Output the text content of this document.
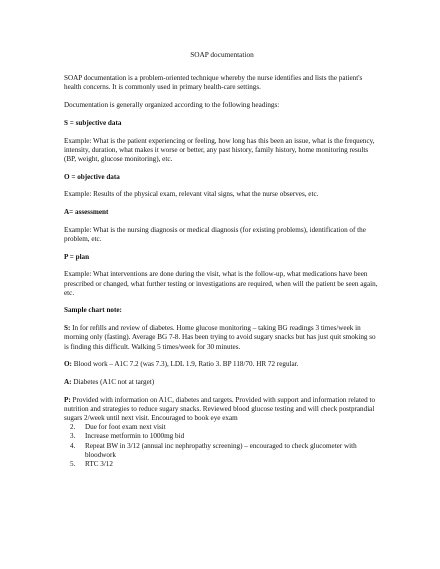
SOAP documentation

SOAP documentation is a problem-oriented technique whereby the nurse identifies and lists the patient's health concerns. It is commonly used in primary health-care settings.

Documentation is generally organized according to the following headings:

S = subjective data

Example: What is the patient experiencing or feeling, how long has this been an issue, what is the frequency, intensity, duration, what makes it worse or better, any past history, family history, home monitoring results (BP, weight, glucose monitoring), etc.

O = objective data

Example: Results of the physical exam, relevant vital signs, what the nurse observes, etc.

A= assessment

Example: What is the nursing diagnosis or medical diagnosis (for existing problems), identification of the problem, etc.

P = plan

Example: What interventions are done during the visit, what is the follow-up, what medications have been prescribed or changed, what further testing or investigations are required, when will the patient be seen again, etc.

Sample chart note:

S: In for refills and review of diabetes. Home glucose monitoring – taking BG readings 3 times/week in morning only (fasting). Average BG 7-8. Has been trying to avoid sugary snacks but has just quit smoking so is finding this difficult. Walking 5 times/week for 30 minutes.

O: Blood work – A1C 7.2 (was 7.3), LDL 1.9, Ratio 3. BP 118/70. HR 72 regular.

A: Diabetes (A1C not at target)

P: Provided with information on A1C, diabetes and targets. Provided with support and information related to nutrition and strategies to reduce sugary snacks. Reviewed blood glucose testing and will check postprandial sugars 2/week until next visit. Encouraged to book eye exam

2. Due for foot exam next visit
3. Increase metformin to 1000mg bid
4. Repeat BW in 3/12 (annual inc nephropathy screening) – encouraged to check glucometer with bloodwork
5. RTC 3/12
